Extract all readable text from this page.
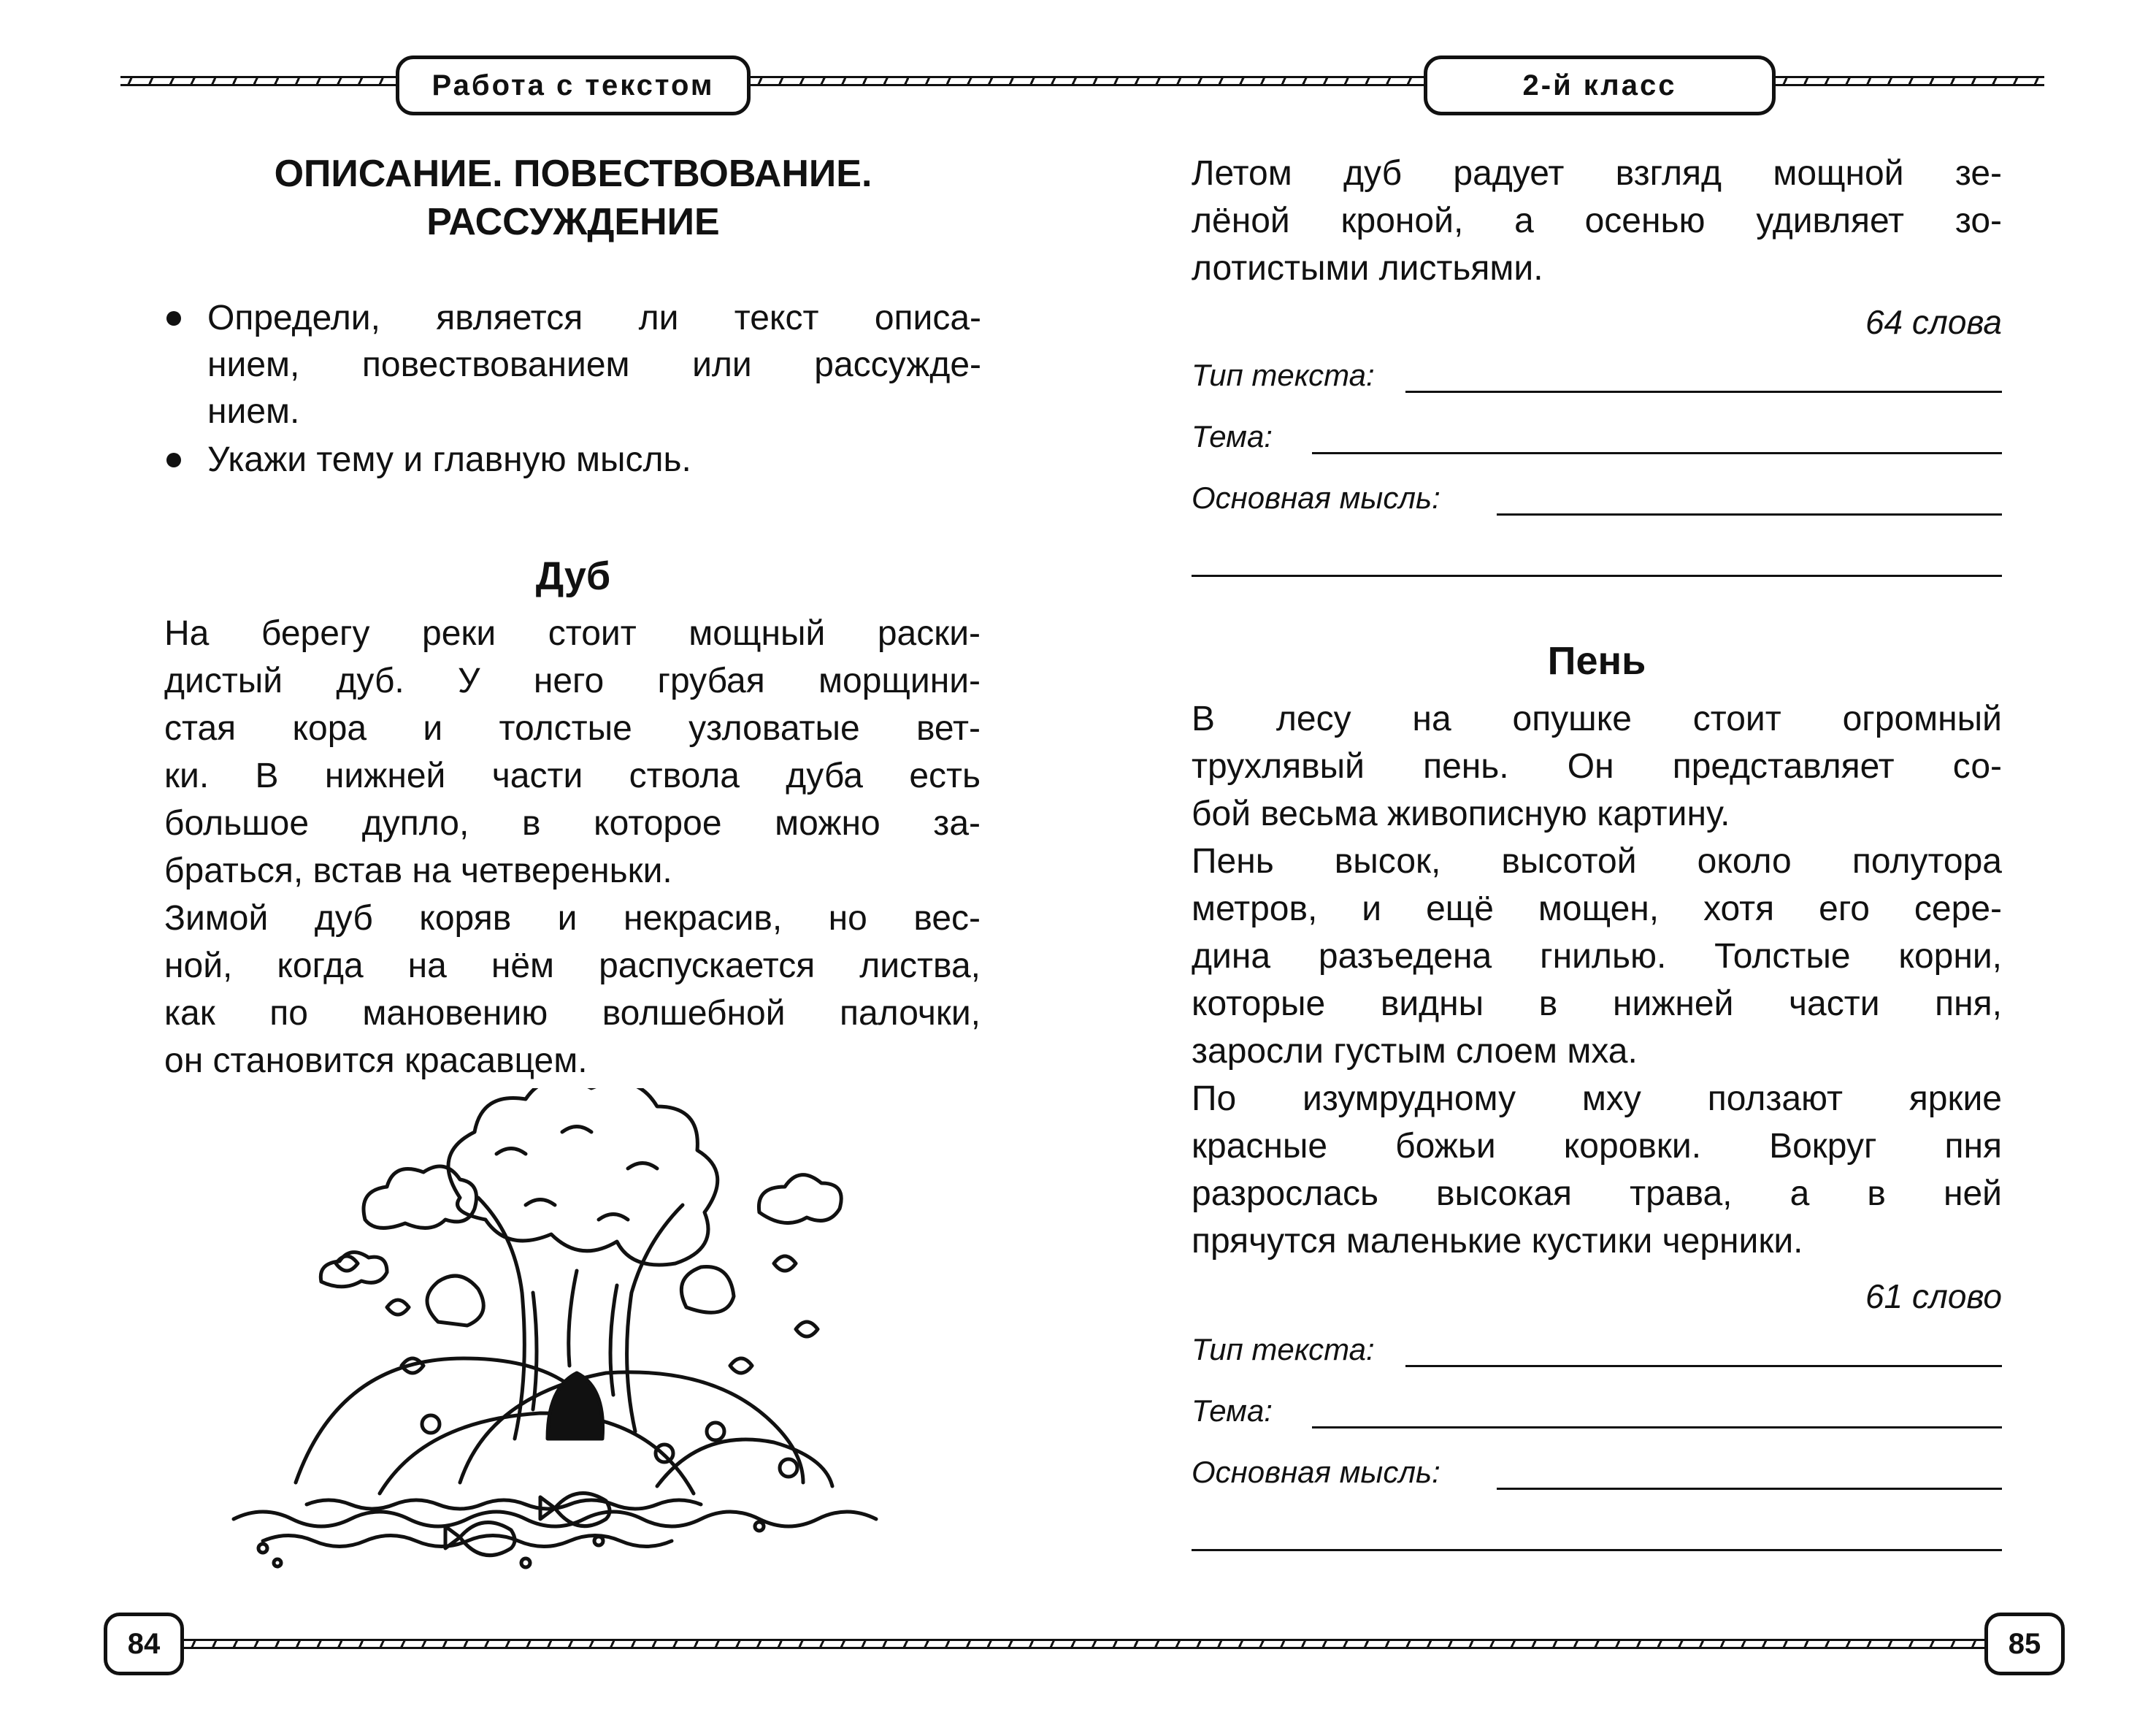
Работа с текстом	2-й класс
ОПИСАНИЕ. ПОВЕСТВОВАНИЕ.
РАССУЖДЕНИЕ
Определи, является ли текст описа-
нием, повествованием или рассужде-
нием.
Укажи тему и главную мысль.
Дуб
На берегу реки стоит мощный раски-
дистый дуб. У него грубая морщини-
стая кора и толстые узловатые вет-
ки. В нижней части ствола дуба есть
большое дупло, в которое можно за-
браться, встав на четвереньки.
Зимой дуб коряв и некрасив, но вес-
ной, когда на нём распускается листва,
как по мановению волшебной палочки,
он становится красавцем.
Летом дуб радует взгляд мощной зе-
лёной кроной, а осенью удивляет зо-
лотистыми листьями.
64 слова
Тип текста:
Тема:
Основная мысль:
Пень
В лесу на опушке стоит огромный
трухлявый пень. Он представляет со-
бой весьма живописную картину.
Пень высок, высотой около полутора
метров, и ещё мощен, хотя его сере-
дина разъедена гнилью. Толстые корни,
которые видны в нижней части пня,
заросли густым слоем мха.
По изумрудному мху ползают яркие
красные божьи коровки. Вокруг пня
разрослась высокая трава, а в ней
прячутся маленькие кустики черники.
61 слово
Тип текста:
Тема:
Основная мысль:
84	85
